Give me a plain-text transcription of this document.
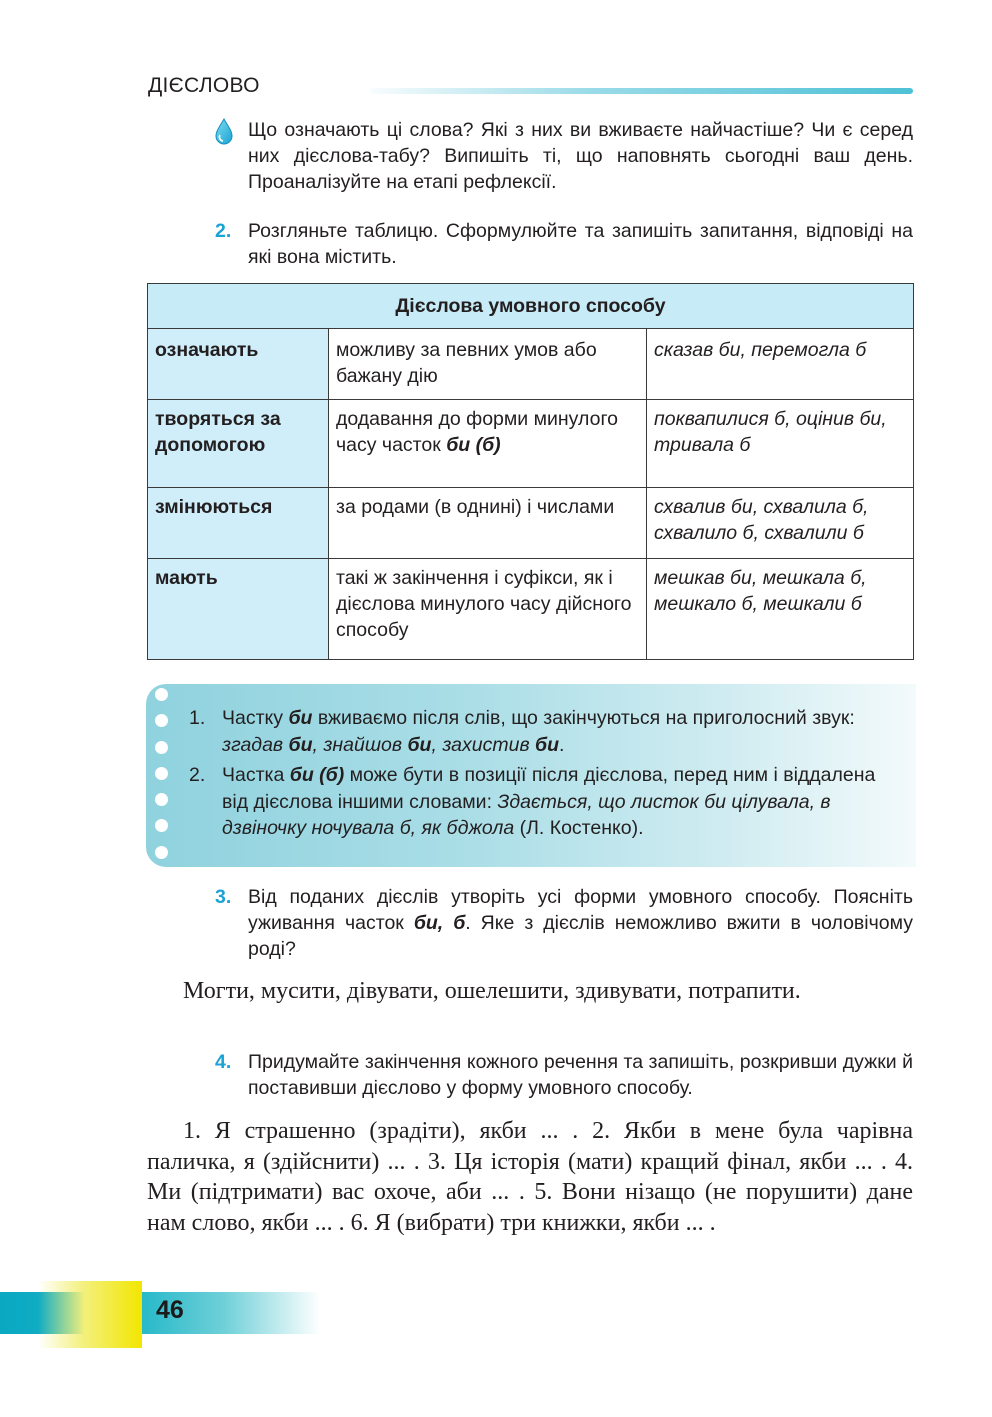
ДІЄСЛОВО
Що означають ці слова? Які з них ви вживаєте найчастіше? Чи є серед них дієслова-табу? Випишіть ті, що наповнять сьогодні ваш день. Проаналізуйте на етапі рефлексії.
2. Розгляньте таблицю. Сформулюйте та запишіть запитання, відповіді на які вона містить.
Дієслова умовного способу		
означають	можливу за певних умов або бажану дію	сказав би, перемогла б
творяться за допомогою	додавання до форми минулого часу часток би (б)	поквапилися б, оцінив би, тривала б
змінюються	за родами (в однині) і числами	схвалив би, схвалила б, схвалило б, схвалили б
мають	такі ж закінчення і суфікси, як і дієслова минулого часу дійсного способу	мешкав би, мешкала б, мешкало б, мешкали б
1. Частку би вживаємо після слів, що закінчуються на приголосний звук: згадав би, знайшов би, захистив би.
2. Частка би (б) може бути в позиції після дієслова, перед ним і віддалена від дієслова іншими словами: Здається, що листок би цілувала, в дзвіночку ночувала б, як бджола (Л. Костенко).
3. Від поданих дієслів утворіть усі форми умовного способу. Поясніть уживання часток би, б. Яке з дієслів неможливо вжити в чоловічому роді?
Могти, мусити, дівувати, ошелешити, здивувати, потрапити.
4. Придумайте закінчення кожного речення та запишіть, розкривши дужки й поставивши дієслово у форму умовного способу.
1. Я страшенно (зрадіти), якби ... . 2. Якби в мене була чарівна паличка, я (здійснити) ... . 3. Ця історія (мати) кращий фінал, якби ... . 4. Ми (підтримати) вас охоче, аби ... . 5. Вони нізащо (не порушити) дане нам слово, якби ... . 6. Я (вибрати) три книжки, якби ... .
46
